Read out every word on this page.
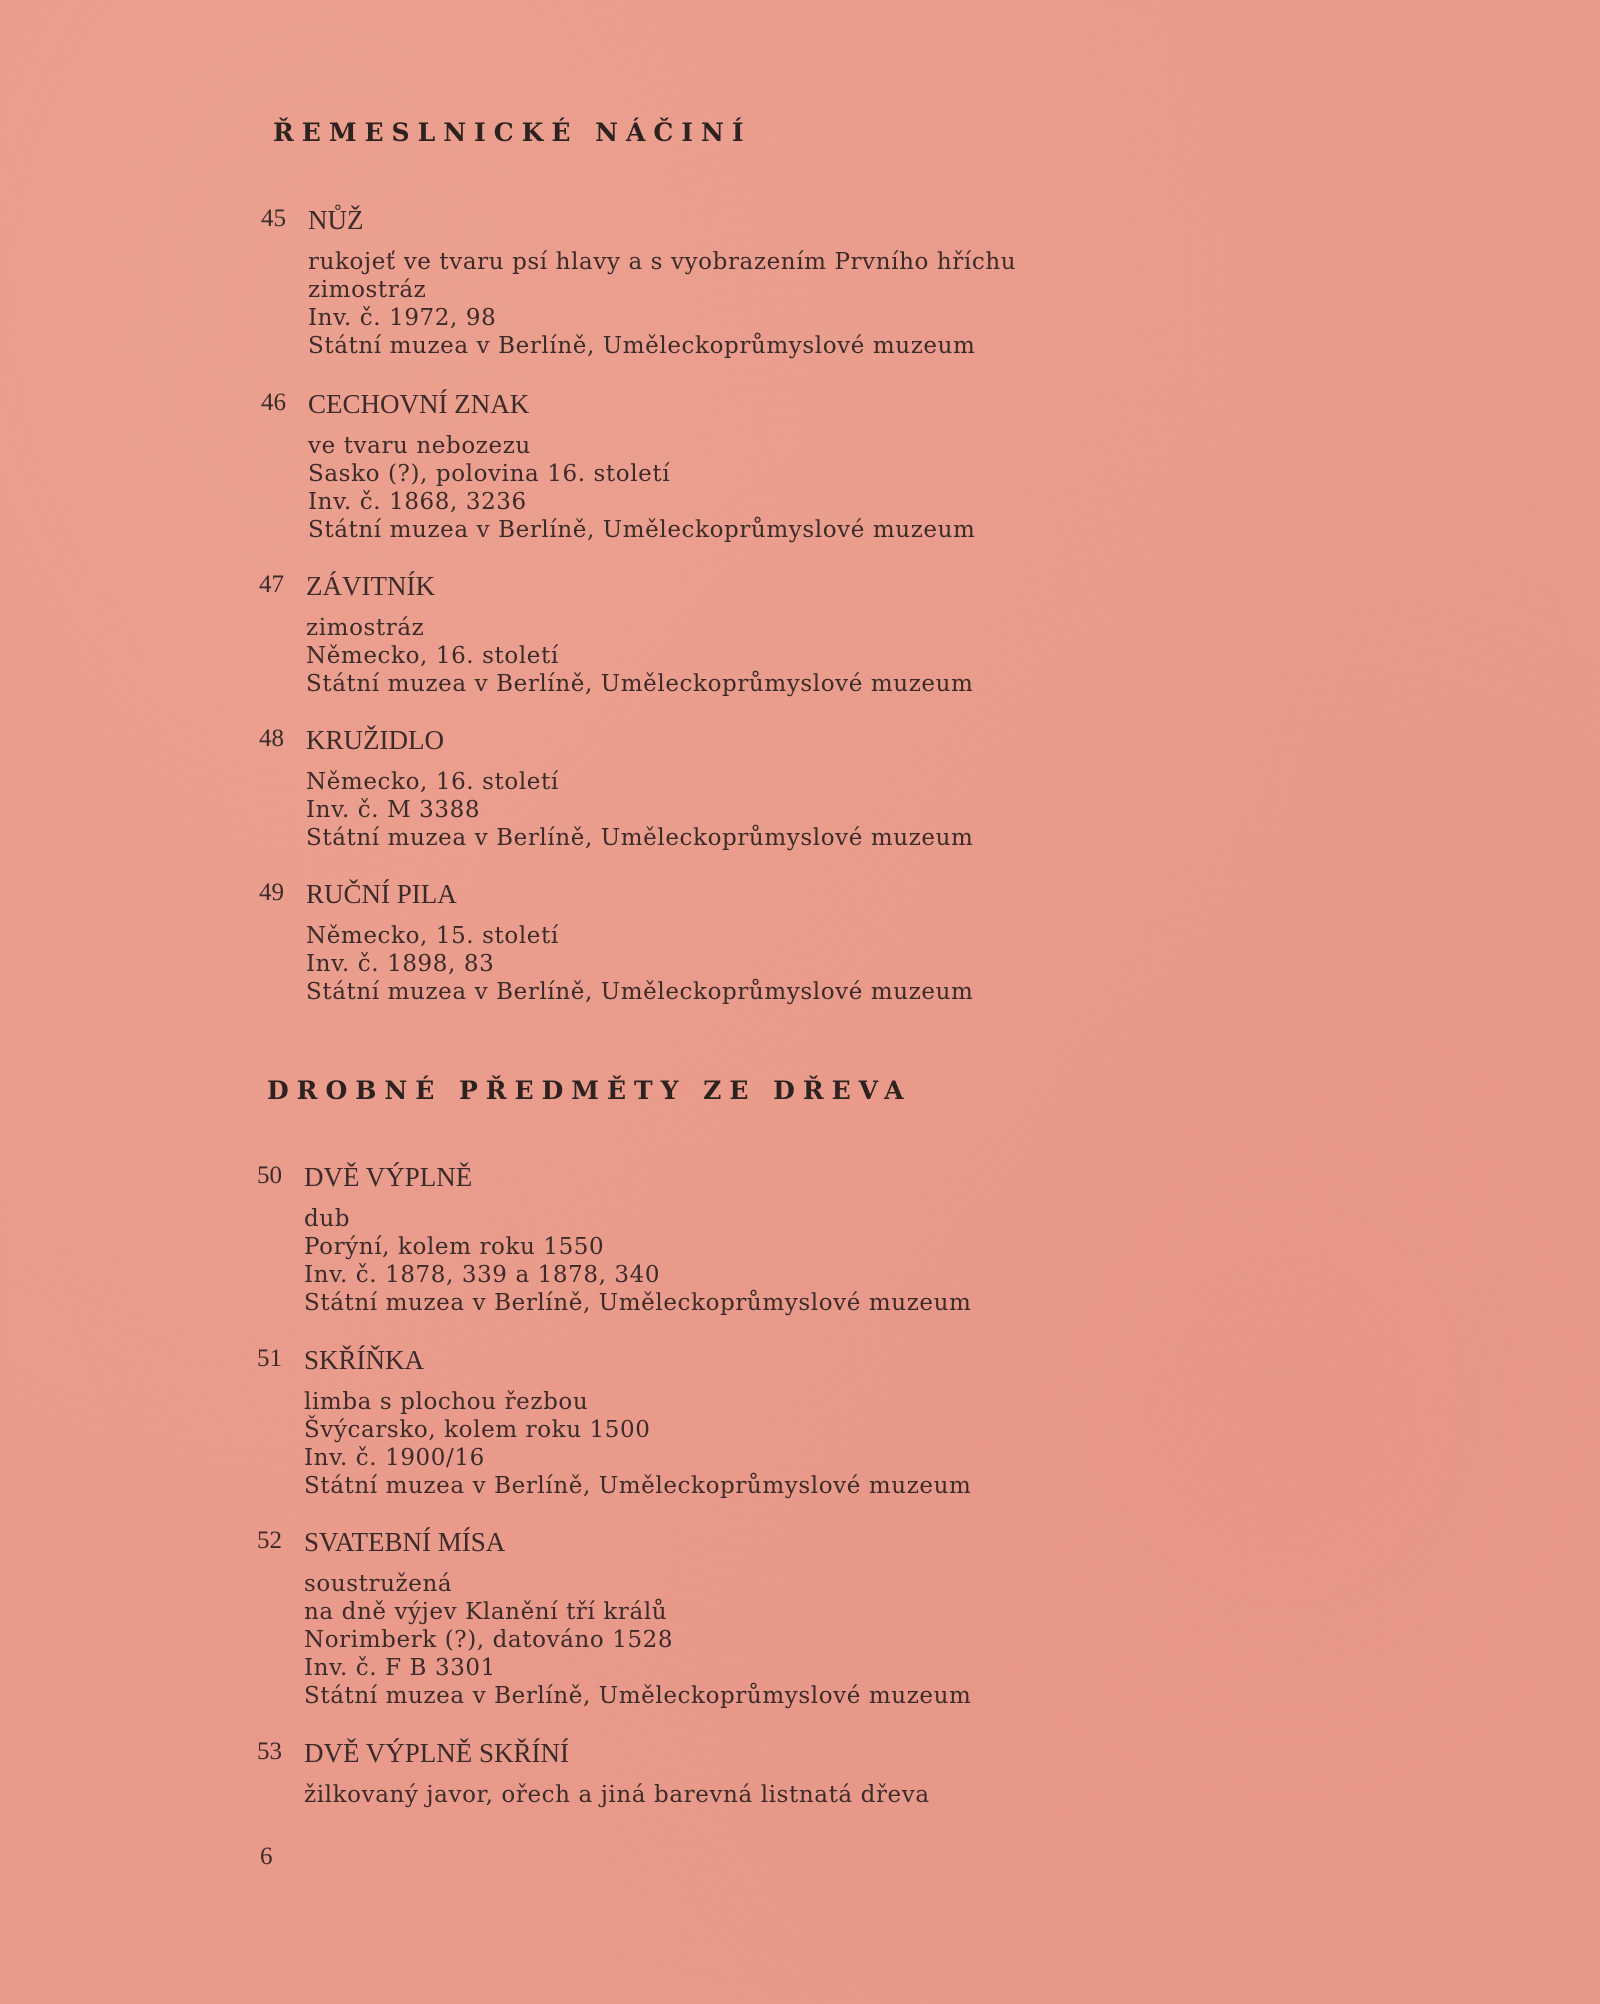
ŘEMESLNICKÉ NÁČINÍ
45 NŮŽ
rukojeť ve tvaru psí hlavy a s vyobrazením Prvního hříchu
zimostráz
Inv. č. 1972, 98
Státní muzea v Berlíně, Uměleckoprůmyslové muzeum
46 CECHOVNÍ ZNAK
ve tvaru nebozezu
Sasko (?), polovina 16. století
Inv. č. 1868, 3236
Státní muzea v Berlíně, Uměleckoprůmyslové muzeum
47 ZÁVITNÍK
zimostráz
Německo, 16. století
Státní muzea v Berlíně, Uměleckoprůmyslové muzeum
48 KRUŽIDLO
Německo, 16. století
Inv. č. M 3388
Státní muzea v Berlíně, Uměleckoprůmyslové muzeum
49 RUČNÍ PILA
Německo, 15. století
Inv. č. 1898, 83
Státní muzea v Berlíně, Uměleckoprůmyslové muzeum
DROBNÉ PŘEDMĚTY ZE DŘEVA
50 DVĚ VÝPLNĚ
dub
Porýní, kolem roku 1550
Inv. č. 1878, 339 a 1878, 340
Státní muzea v Berlíně, Uměleckoprůmyslové muzeum
51 SKŘÍŇKA
limba s plochou řezbou
Švýcarsko, kolem roku 1500
Inv. č. 1900/16
Státní muzea v Berlíně, Uměleckoprůmyslové muzeum
52 SVATEBNÍ MÍSA
soustružená
na dně výjev Klanění tří králů
Norimberk (?), datováno 1528
Inv. č. F B 3301
Státní muzea v Berlíně, Uměleckoprůmyslové muzeum
53 DVĚ VÝPLNĚ SKŘÍNÍ
žilkovaný javor, ořech a jiná barevná listnatá dřeva
6
